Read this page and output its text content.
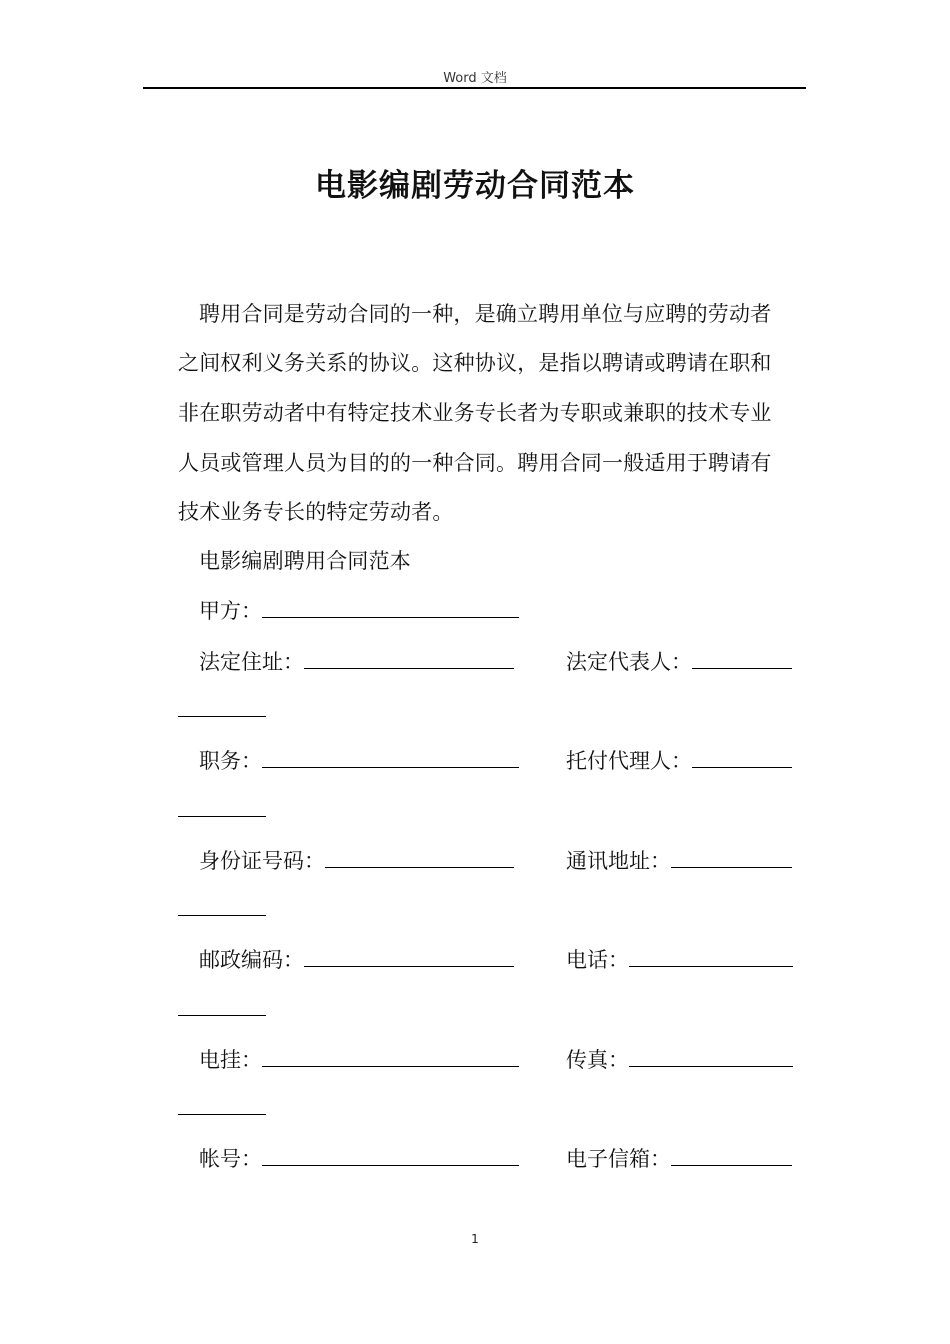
Word 文档
电影编剧劳动合同范本
聘用合同是劳动合同的一种，是确立聘用单位与应聘的劳动者
之间权利义务关系的协议。这种协议，是指以聘请或聘请在职和
非在职劳动者中有特定技术业务专长者为专职或兼职的技术专业
人员或管理人员为目的的一种合同。聘用合同一般适用于聘请有
技术业务专长的特定劳动者。
电影编剧聘用合同范本
甲方：
法定住址：	法定代表人：
职务：	托付代理人：
身份证号码：	通讯地址：
邮政编码：	电话：
电挂：	传真：
帐号：	电子信箱：
1
